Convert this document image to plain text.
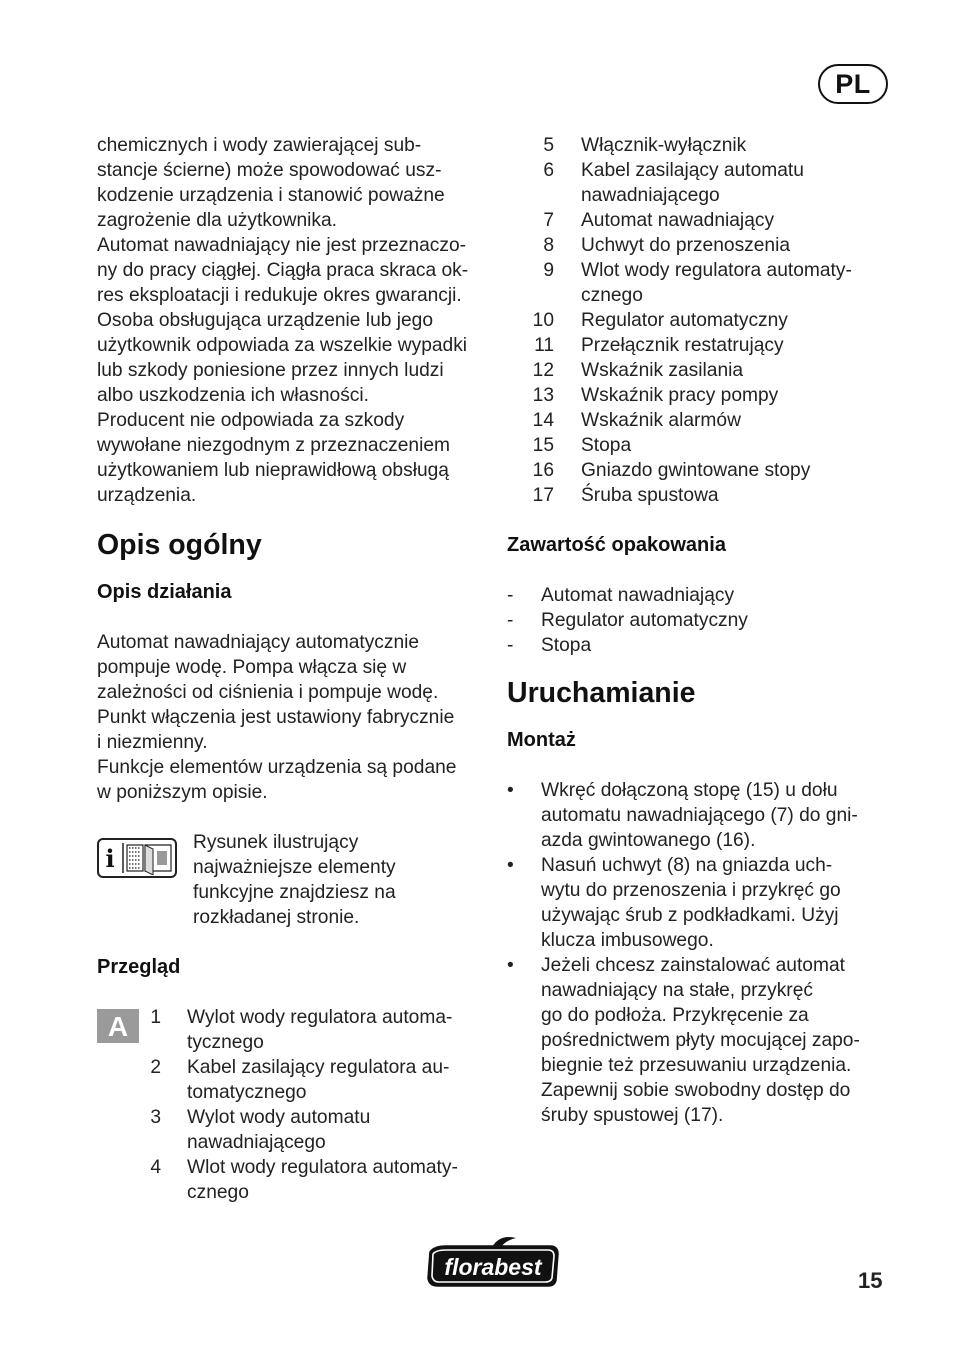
PL

chemicznych i wody zawierającej sub-

stancje ścierne) może spowodować usz-

kodzenie urządzenia i stanowić poważne

zagrożenie dla użytkownika.

Automat nawadniający nie jest przeznaczo-

ny do pracy ciągłej. Ciągła praca skraca ok-

res eksploatacji i redukuje okres gwarancji.

Osoba obsługująca urządzenie lub jego

użytkownik odpowiada za wszelkie wypadki

lub szkody poniesione przez innych ludzi

albo uszkodzenia ich własności.

Producent nie odpowiada za szkody

wywołane niezgodnym z przeznaczeniem

użytkowaniem lub nieprawidłową obsługą

urządzenia.

Opis ogólny
Opis działania

Automat nawadniający automatycznie

pompuje wodę. Pompa włącza się w

zależności od ciśnienia i pompuje wodę.

Punkt włączenia jest ustawiony fabrycznie

i niezmienny.

Funkcje elementów urządzenia są podane

w poniższym opisie.

i

Rysunek ilustrujący

najważniejsze elementy

funkcyjne znajdziesz na

rozkładanej stronie.

Przegląd
A	1 Wylot wody regulatora automa-

tycznego

2 Kabel zasilający regulatora au-

tomatycznego

3 Wylot wody automatu

nawadniającego

4 Wlot wody regulatora automaty-

cznego

5 Włącznik-wyłącznik

6 Kabel zasilający automatu

nawadniającego

7 Automat nawadniający

8 Uchwyt do przenoszenia

9 Wlot wody regulatora automaty-

cznego

10 Regulator automatyczny

11 Przełącznik restatrujący

12 Wskaźnik zasilania

13 Wskaźnik pracy pompy

14 Wskaźnik alarmów

15 Stopa

16 Gniazdo gwintowane stopy

17 Śruba spustowa

Zawartość opakowania
-	Automat nawadniający
-	Regulator automatyczny
-	Stopa
Uruchamianie
Montaż
•	Wkręć dołączoną stopę (15) u dołu

automatu nawadniającego (7) do gni-

azda gwintowanego (16).

•	Nasuń uchwyt (8) na gniazda uch-

wytu do przenoszenia i przykręć go

używając śrub z podkładkami. Użyj

klucza imbusowego.

•	Jeżeli chcesz zainstalować automat

nawadniający na stałe, przykręć

go do podłoża. Przykręcenie za

pośrednictwem płyty mocującej zapo-

biegnie też przesuwaniu urządzenia.

Zapewnij sobie swobodny dostęp do

śruby spustowej (17).

florabest
15
